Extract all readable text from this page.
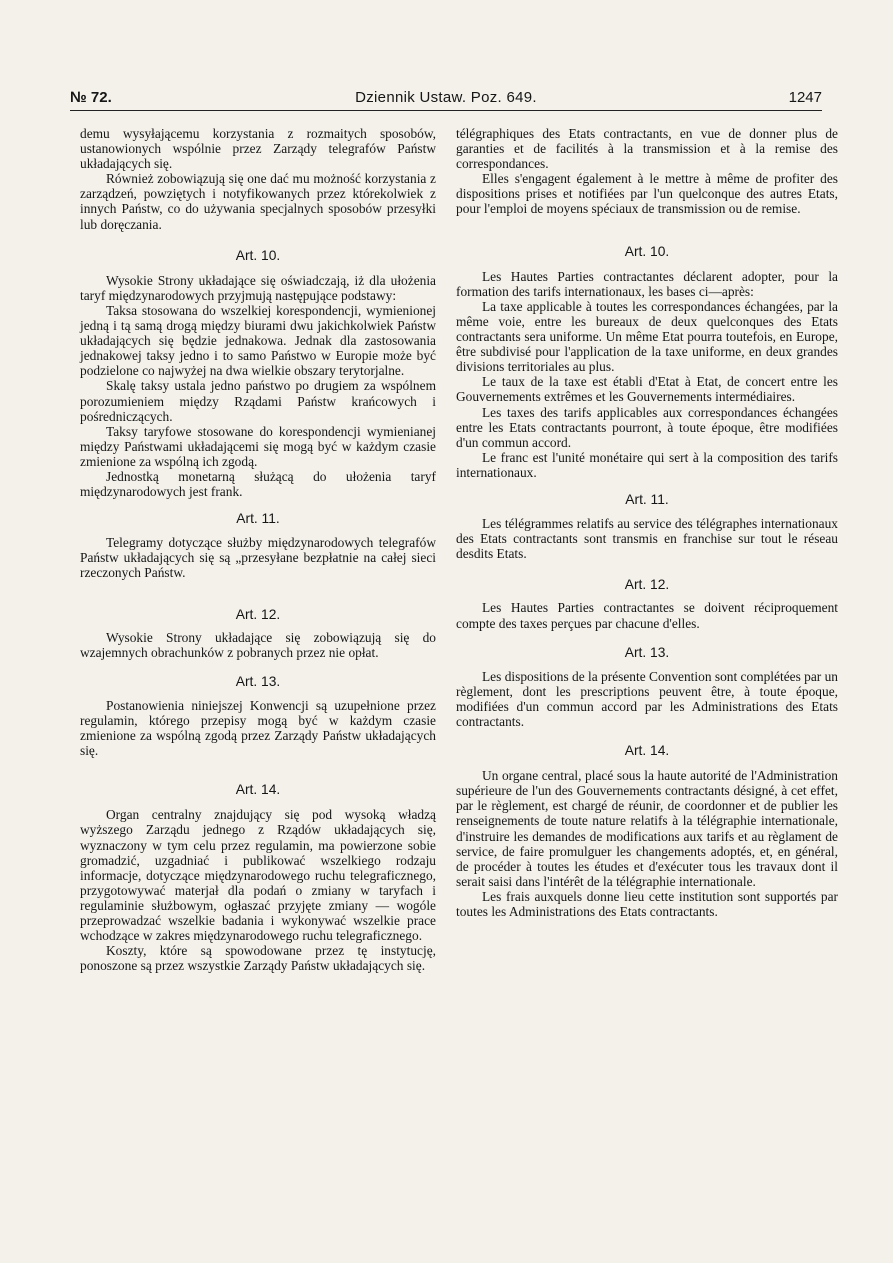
№ 72.	Dziennik Ustaw. Poz. 649.	1247

demu wysyłającemu korzystania z rozmaitych sposobów, ustanowionych wspólnie przez Zarządy telegrafów Państw układających się.

Również zobowiązują się one dać mu możność korzystania z zarządzeń, powziętych i notyfikowanych przez którekolwiek z innych Państw, co do używania specjalnych sposobów przesyłki lub doręczania.

Art. 10.

Wysokie Strony układające się oświadczają, iż dla ułożenia taryf międzynarodowych przyjmują następujące podstawy:

Taksa stosowana do wszelkiej korespondencji, wymienionej jedną i tą samą drogą między biurami dwu jakichkolwiek Państw układających się będzie jednakowa. Jednak dla zastosowania jednakowej taksy jedno i to samo Państwo w Europie może być podzielone co najwyżej na dwa wielkie obszary terytorjalne.

Skalę taksy ustala jedno państwo po drugiem za wspólnem porozumieniem między Rządami Państw krańcowych i pośredniczących.

Taksy taryfowe stosowane do korespondencji wymienianej między Państwami układającemi się mogą być w każdym czasie zmienione za wspólną ich zgodą.

Jednostką monetarną służącą do ułożenia taryf międzynarodowych jest frank.

Art. 11.

Telegramy dotyczące służby międzynarodowych telegrafów Państw układających się są „przesyłane bezpłatnie na całej sieci rzeczonych Państw.

Art. 12.

Wysokie Strony układające się zobowiązują się do wzajemnych obrachunków z pobranych przez nie opłat.

Art. 13.

Postanowienia niniejszej Konwencji są uzupełnione przez regulamin, którego przepisy mogą być w każdym czasie zmienione za wspólną zgodą przez Zarządy Państw układających się.

Art. 14.

Organ centralny znajdujący się pod wysoką władzą wyższego Zarządu jednego z Rządów układających się, wyznaczony w tym celu przez regulamin, ma powierzone sobie gromadzić, uzgadniać i publikować wszelkiego rodzaju informacje, dotyczące międzynarodowego ruchu telegraficznego, przygotowywać materjał dla podań o zmiany w taryfach i regulaminie służbowym, ogłaszać przyjęte zmiany — wogóle przeprowadzać wszelkie badania i wykonywać wszelkie prace wchodzące w zakres międzynarodowego ruchu telegraficznego.

Koszty, które są spowodowane przez tę instytucję, ponoszone są przez wszystkie Zarządy Państw układających się.

télégraphiques des Etats contractants, en vue de donner plus de garanties et de facilités à la transmission et à la remise des correspondances.

Elles s'engagent également à le mettre à même de profiter des dispositions prises et notifiées par l'un quelconque des autres Etats, pour l'emploi de moyens spéciaux de transmission ou de remise.

Art. 10.

Les Hautes Parties contractantes déclarent adopter, pour la formation des tarifs internationaux, les bases ci—après:

La taxe applicable à toutes les correspondances échangées, par la même voie, entre les bureaux de deux quelconques des Etats contractants sera uniforme. Un même Etat pourra toutefois, en Europe, être subdivisé pour l'application de la taxe uniforme, en deux grandes divisions territoriales au plus.

Le taux de la taxe est établi d'Etat à Etat, de concert entre les Gouvernements extrêmes et les Gouvernements intermédiaires.

Les taxes des tarifs applicables aux correspondances échangées entre les Etats contractants pourront, à toute époque, être modifiées d'un commun accord.

Le franc est l'unité monétaire qui sert à la composition des tarifs internationaux.

Art. 11.

Les télégrammes relatifs au service des télégraphes internationaux des Etats contractants sont transmis en franchise sur tout le réseau desdits Etats.

Art. 12.

Les Hautes Parties contractantes se doivent réciproquement compte des taxes perçues par chacune d'elles.

Art. 13.

Les dispositions de la présente Convention sont complétées par un règlement, dont les prescriptions peuvent être, à toute époque, modifiées d'un commun accord par les Administrations des Etats contractants.

Art. 14.

Un organe central, placé sous la haute autorité de l'Administration supérieure de l'un des Gouvernements contractants désigné, à cet effet, par le règlement, est chargé de réunir, de coordonner et de publier les renseignements de toute nature relatifs à la télégraphie internationale, d'instruire les demandes de modifications aux tarifs et au règlament de service, de faire promulguer les changements adoptés, et, en général, de procéder à toutes les études et d'exécuter tous les travaux dont il serait saisi dans l'intérêt de la télégraphie internationale.

Les frais auxquels donne lieu cette institution sont supportés par toutes les Administrations des Etats contractants.
